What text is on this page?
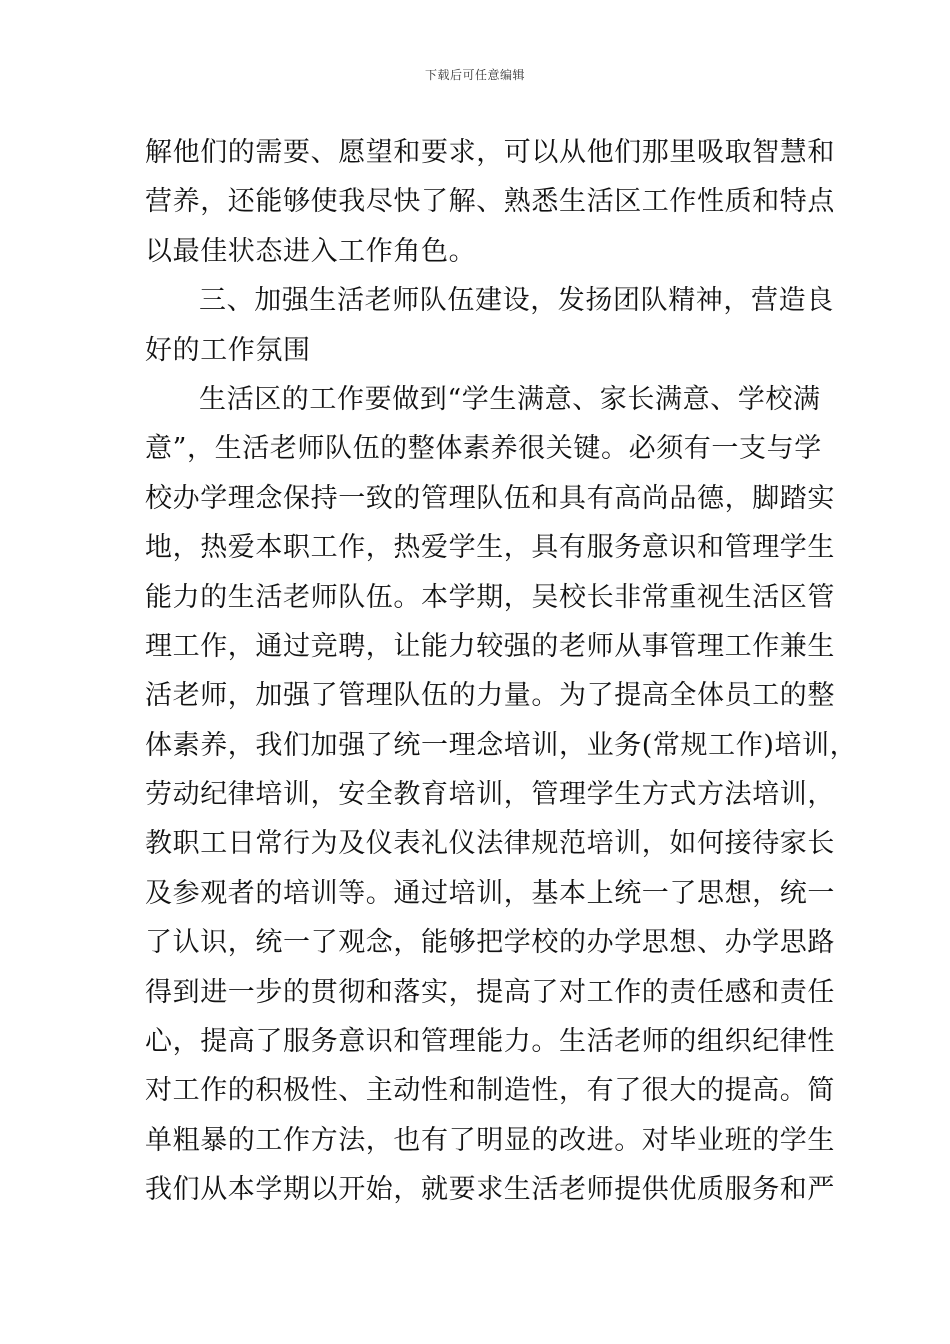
下载后可任意编辑
解他们的需要、愿望和要求，可以从他们那里吸取智慧和
营养，还能够使我尽快了解、熟悉生活区工作性质和特点
以最佳状态进入工作角色。
三、加强生活老师队伍建设，发扬团队精神，营造良
好的工作氛围
生活区的工作要做到“学生满意、家长满意、学校满
意”，生活老师队伍的整体素养很关键。必须有一支与学
校办学理念保持一致的管理队伍和具有高尚品德，脚踏实
地，热爱本职工作，热爱学生，具有服务意识和管理学生
能力的生活老师队伍。本学期，吴校长非常重视生活区管
理工作，通过竞聘，让能力较强的老师从事管理工作兼生
活老师，加强了管理队伍的力量。为了提高全体员工的整
体素养，我们加强了统一理念培训，业务(常规工作)培训，
劳动纪律培训，安全教育培训，管理学生方式方法培训，
教职工日常行为及仪表礼仪法律规范培训，如何接待家长
及参观者的培训等。通过培训，基本上统一了思想，统一
了认识，统一了观念，能够把学校的办学思想、办学思路
得到进一步的贯彻和落实，提高了对工作的责任感和责任
心，提高了服务意识和管理能力。生活老师的组织纪律性
对工作的积极性、主动性和制造性，有了很大的提高。简
单粗暴的工作方法，也有了明显的改进。对毕业班的学生
我们从本学期以开始，就要求生活老师提供优质服务和严
